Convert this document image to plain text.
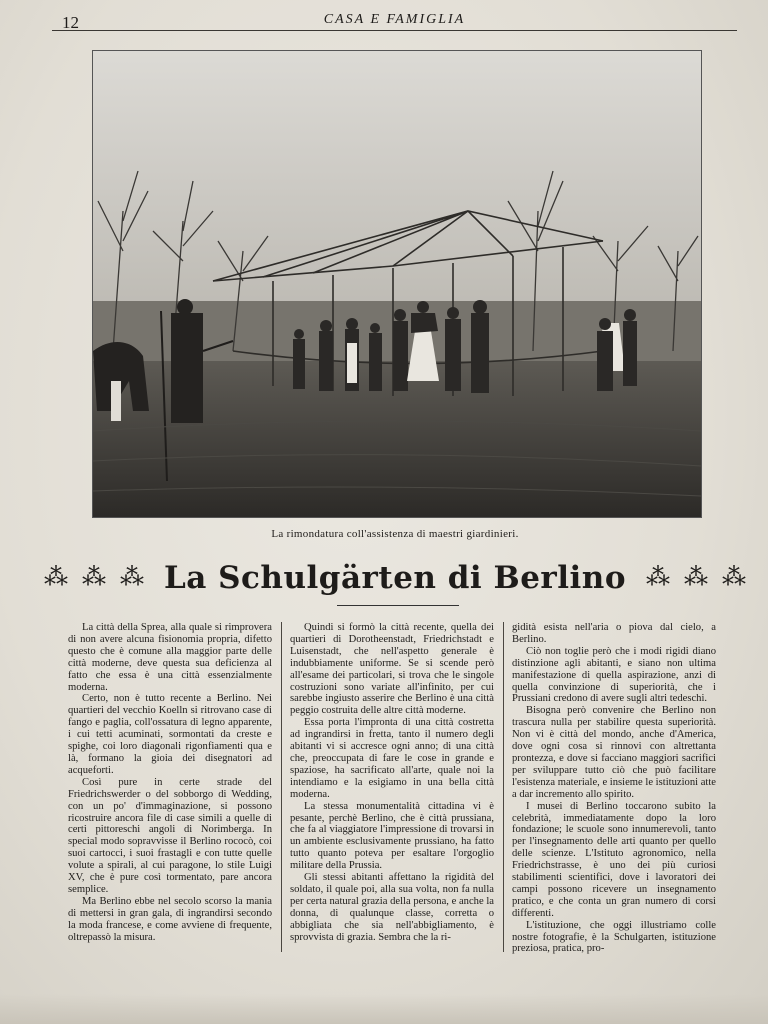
12	CASA E FAMIGLIA
La rimondatura coll'assistenza di maestri giardinieri.
⁂ ⁂ ⁂ La Schulgärten di Berlino ⁂ ⁂ ⁂

La città della Sprea, alla quale si rimprovera di non avere alcuna fisionomia propria, difetto questo che è comune alla maggior parte delle città moderne, deve questa sua deficienza al fatto che essa è una città essenzialmente moderna.

Certo, non è tutto recente a Berlino. Nei quartieri del vecchio Koelln si ritrovano case di fango e paglia, coll'ossatura di legno apparente, i cui tetti acuminati, sormontati da creste e spighe, coi loro diagonali rigonfiamenti qua e là, formano la gioia dei disegnatori ad acqueforti.

Così pure in certe strade del Friedrichswerder o del sobborgo di Wedding, con un po' d'immaginazione, si possono ricostruire ancora file di case simili a quelle di certi pittoreschi angoli di Norimberga. In special modo sopravvisse il Berlino rococò, coi suoi cartocci, i suoi frastagli e con tutte quelle volute a spirali, al cui paragone, lo stile Luigi XV, che è pure così tormentato, pare ancora semplice.

Ma Berlino ebbe nel secolo scorso la mania di mettersi in gran gala, di ingrandirsi secondo la moda francese, e come avviene di frequente, oltrepassò la misura.

Quindi si formò la città recente, quella dei quartieri di Dorotheenstadt, Friedrichstadt e Luisenstadt, che nell'aspetto generale è indubbiamente uniforme. Se si scende però all'esame dei particolari, si trova che le singole costruzioni sono variate all'infinito, per cui sarebbe ingiusto asserire che Berlino è una città peggio costruita delle altre città moderne.

Essa porta l'impronta di una città costretta ad ingrandirsi in fretta, tanto il numero degli abitanti vi si accresce ogni anno; di una città che, preoccupata di fare le cose in grande e spaziose, ha sacrificato all'arte, quale noi la intendiamo e la esigiamo in una bella città moderna.

La stessa monumentalità cittadina vi è pesante, perchè Berlino, che è città prussiana, che fa al viaggiatore l'impressione di trovarsi in un ambiente esclusivamente prussiano, ha fatto tutto quanto poteva per esaltare l'orgoglio militare della Prussia.

Gli stessi abitanti affettano la rigidità del soldato, il quale poi, alla sua volta, non fa nulla per certa natural grazia della persona, e anche la donna, di qualunque classe, corretta o abbigliata che sia nell'abbigliamento, è sprovvista di grazia. Sembra che la ri-

gidità esista nell'aria o piova dal cielo, a Berlino.

Ciò non toglie però che i modi rigidi diano distinzione agli abitanti, e siano non ultima manifestazione di quella aspirazione, anzi di quella convinzione di superiorità, che i Prussiani credono di avere sugli altri tedeschi.

Bisogna però convenire che Berlino non trascura nulla per stabilire questa superiorità. Non vi è città del mondo, anche d'America, dove ogni cosa si rinnovi con altrettanta prontezza, e dove si facciano maggiori sacrifici per sviluppare tutto ciò che può facilitare l'esistenza materiale, e insieme le istituzioni atte a dar incremento allo spirito.

I musei di Berlino toccarono subito la celebrità, immediatamente dopo la loro fondazione; le scuole sono innumerevoli, tanto per l'insegnamento delle arti quanto per quello delle scienze. L'Istituto agronomico, nella Friedrichstrasse, è uno dei più curiosi stabilimenti scientifici, dove i lavoratori dei campi possono ricevere un insegnamento pratico, e che conta un gran numero di corsi differenti.

L'istituzione, che oggi illustriamo colle nostre fotografie, è la Schulgarten, istituzione preziosa, pratica, pro-
